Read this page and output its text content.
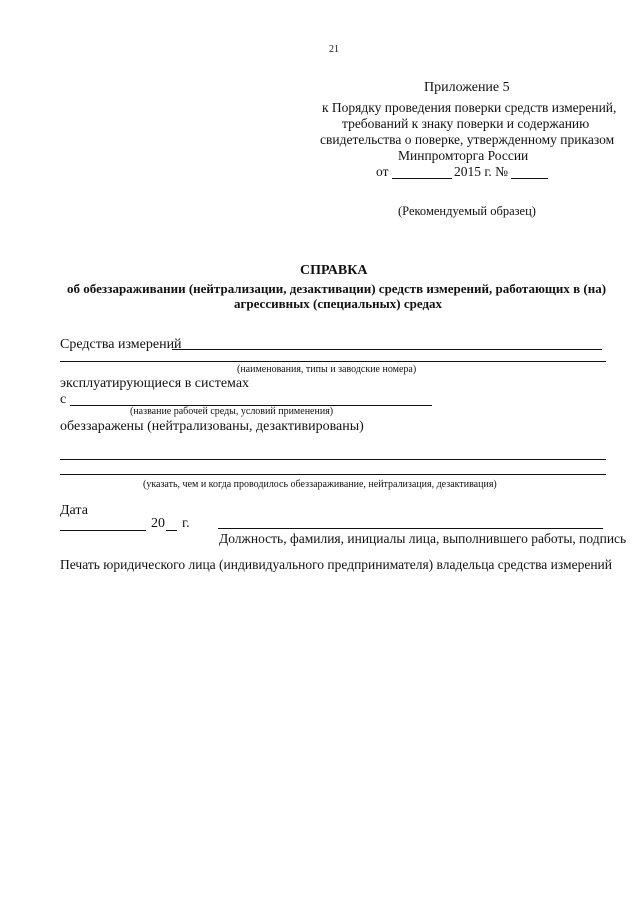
21
Приложение 5
к Порядку проведения поверки средств измерений,
требований к знаку поверки и содержанию
свидетельства о поверке, утвержденному приказом
Минпромторга России
от	2015 г. №
(Рекомендуемый образец)
СПРАВКА
об обеззараживании (нейтрализации, дезактивации) средств измерений, работающих в (на)
агрессивных (специальных) средах
Средства измерений
(наименования, типы и заводские номера)
эксплуатирующиеся в системах
с
(название рабочей среды, условий применения)
обеззаражены (нейтрализованы, дезактивированы)
(указать, чем и когда проводилось обеззараживание, нейтрализация, дезактивация)
Дата
20 г.
Должность, фамилия, инициалы лица, выполнившего работы, подпись
Печать юридического лица (индивидуального предпринимателя) владельца средства измерений
